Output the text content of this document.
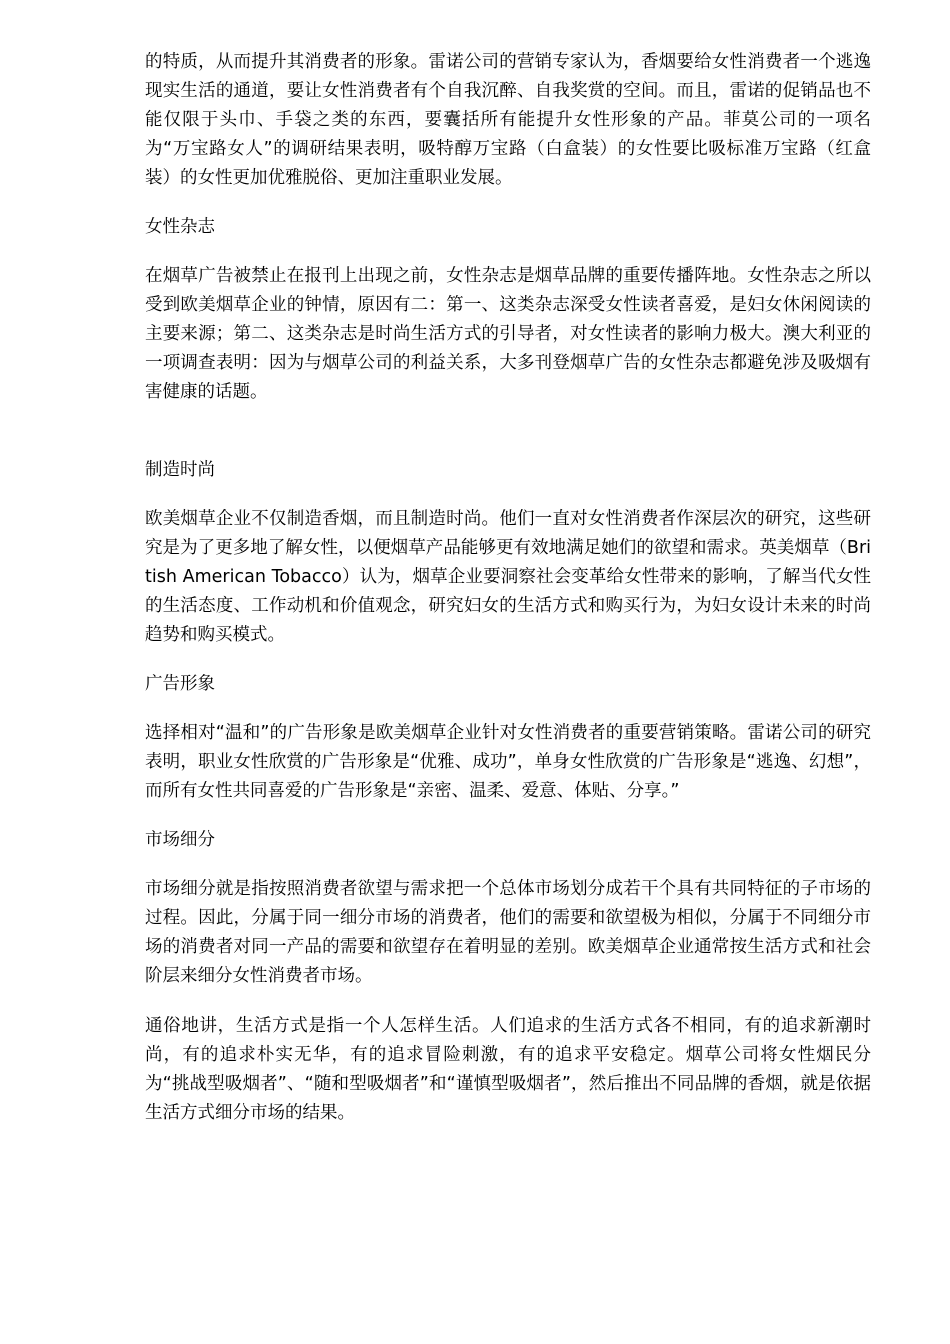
的特质，从而提升其消费者的形象。雷诺公司的营销专家认为，香烟要给女性消费者一个逃逸现实生活的通道，要让女性消费者有个自我沉醉、自我奖赏的空间。而且，雷诺的促销品也不能仅限于头巾、手袋之类的东西，要囊括所有能提升女性形象的产品。菲莫公司的一项名为“万宝路女人”的调研结果表明，吸特醇万宝路（白盒装）的女性要比吸标准万宝路（红盒装）的女性更加优雅脱俗、更加注重职业发展。

女性杂志

在烟草广告被禁止在报刊上出现之前，女性杂志是烟草品牌的重要传播阵地。女性杂志之所以受到欧美烟草企业的钟情，原因有二：第一、这类杂志深受女性读者喜爱，是妇女休闲阅读的主要来源；第二、这类杂志是时尚生活方式的引导者，对女性读者的影响力极大。澳大利亚的一项调查表明：因为与烟草公司的利益关系，大多刊登烟草广告的女性杂志都避免涉及吸烟有害健康的话题。

制造时尚

欧美烟草企业不仅制造香烟，而且制造时尚。他们一直对女性消费者作深层次的研究，这些研究是为了更多地了解女性，以便烟草产品能够更有效地满足她们的欲望和需求。英美烟草（British American Tobacco）认为，烟草企业要洞察社会变革给女性带来的影响，了解当代女性的生活态度、工作动机和价值观念，研究妇女的生活方式和购买行为，为妇女设计未来的时尚趋势和购买模式。

广告形象

选择相对“温和”的广告形象是欧美烟草企业针对女性消费者的重要营销策略。雷诺公司的研究表明，职业女性欣赏的广告形象是“优雅、成功”，单身女性欣赏的广告形象是“逃逸、幻想”，而所有女性共同喜爱的广告形象是“亲密、温柔、爱意、体贴、分享。”

市场细分

市场细分就是指按照消费者欲望与需求把一个总体市场划分成若干个具有共同特征的子市场的过程。因此，分属于同一细分市场的消费者，他们的需要和欲望极为相似，分属于不同细分市场的消费者对同一产品的需要和欲望存在着明显的差别。欧美烟草企业通常按生活方式和社会阶层来细分女性消费者市场。

通俗地讲，生活方式是指一个人怎样生活。人们追求的生活方式各不相同，有的追求新潮时尚，有的追求朴实无华，有的追求冒险刺激，有的追求平安稳定。烟草公司将女性烟民分为“挑战型吸烟者”、“随和型吸烟者”和“谨慎型吸烟者”，然后推出不同品牌的香烟，就是依据生活方式细分市场的结果。
